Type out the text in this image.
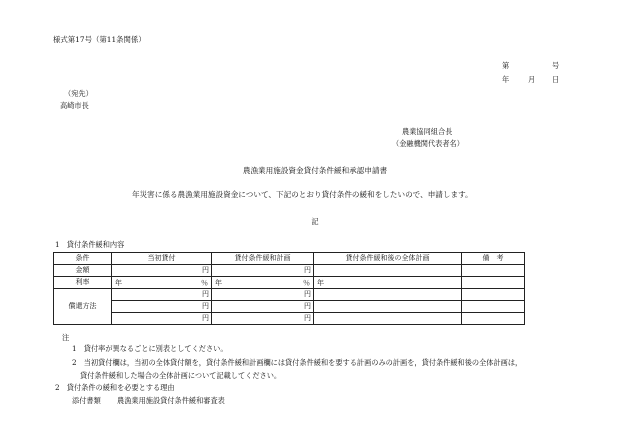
様式第17号（第11条関係）
第	号
年	月 日
（宛先）
高崎市長
農業協同組合長
（金融機関代表者名）
農漁業用施設資金貸付条件緩和承認申請書
年災害に係る農漁業用施設資金について、下記のとおり貸付条件の緩和をしたいので、申請します。
記
1　貸付条件緩和内容
条件	当初貸付	貸付条件緩和計画	貸付条件緩和後の全体計画	備　考
金額	円	円		
利率	年 ％	年 ％	年	

償還方法	円	円		
	円	円		
	円	円		
注
1　貸付率が異なるごとに別表としてください。
2　当初貸付欄は，当初の全体貸付額を，貸付条件緩和計画欄には貸付条件緩和を要する計画のみの計画を，貸付条件緩和後の全体計画は，
貸付条件緩和した場合の全体計画について記載してください。
2　貸付条件の緩和を必要とする理由
添付書類 農漁業用施設貸付条件緩和審査表
